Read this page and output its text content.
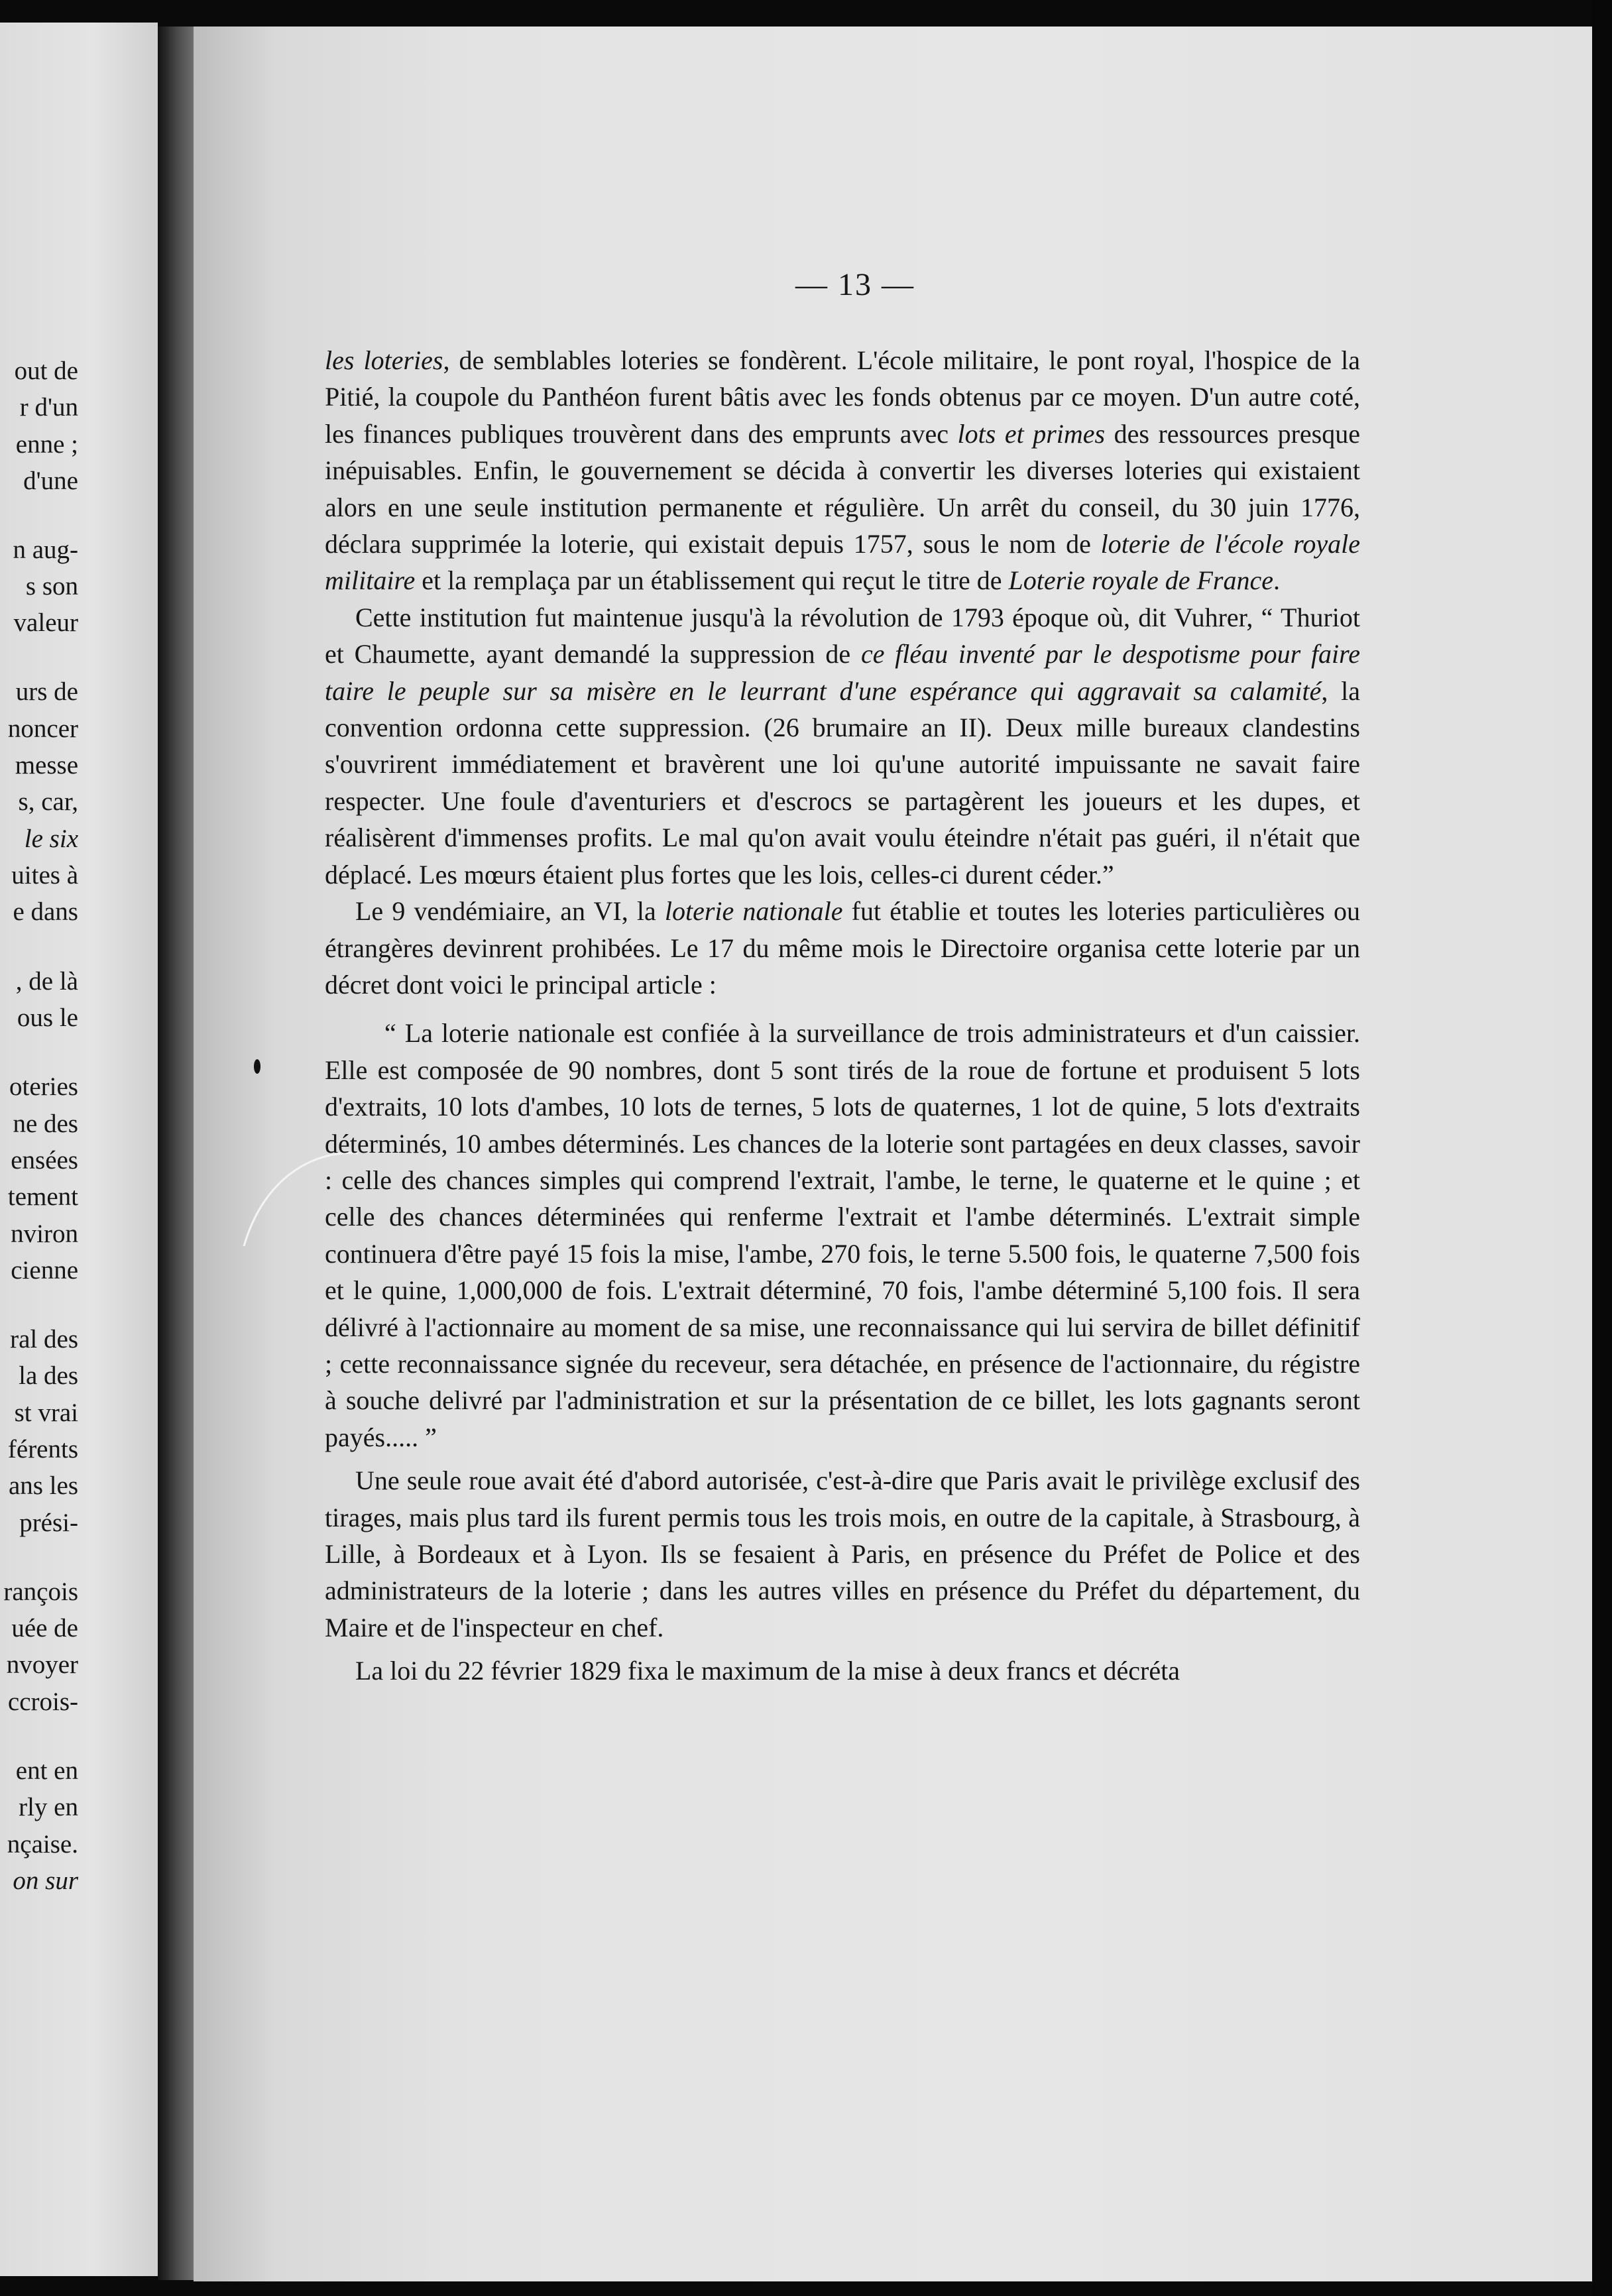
out de
r d'un
enne ;
d'une
n aug-
s son
valeur
urs de
noncer
messe
s, car,
le six
uites à
e dans
, de là
ous le
oteries
ne des
ensées
tement
nviron
cienne
ral des
la des
st vrai
férents
ans les
prési-
rançois
uée de
nvoyer
ccrois-
ent en
rly en
nçaise.
on sur
— 13 —

les loteries, de semblables loteries se fondèrent. L'école militaire, le pont royal, l'hospice de la Pitié, la coupole du Panthéon furent bâtis avec les fonds obtenus par ce moyen. D'un autre coté, les finances publiques trouvèrent dans des emprunts avec lots et primes des ressources presque inépuisables. Enfin, le gouvernement se décida à convertir les diverses loteries qui existaient alors en une seule institution permanente et régulière. Un arrêt du conseil, du 30 juin 1776, déclara supprimée la loterie, qui existait depuis 1757, sous le nom de loterie de l'école royale militaire et la remplaça par un établissement qui reçut le titre de Loterie royale de France.

Cette institution fut maintenue jusqu'à la révolution de 1793 époque où, dit Vuhrer, “ Thuriot et Chaumette, ayant demandé la suppression de ce fléau inventé par le despotisme pour faire taire le peuple sur sa misère en le leurrant d'une espérance qui aggravait sa calamité, la convention ordonna cette suppression. (26 brumaire an II). Deux mille bureaux clandestins s'ouvrirent immédiatement et bravèrent une loi qu'une autorité impuissante ne savait faire respecter. Une foule d'aventuriers et d'escrocs se partagèrent les joueurs et les dupes, et réalisèrent d'immenses profits. Le mal qu'on avait voulu éteindre n'était pas guéri, il n'était que déplacé. Les mœurs étaient plus fortes que les lois, celles-ci durent céder.”

Le 9 vendémiaire, an VI, la loterie nationale fut établie et toutes les loteries particulières ou étrangères devinrent prohibées. Le 17 du même mois le Directoire organisa cette loterie par un décret dont voici le principal article :

“ La loterie nationale est confiée à la surveillance de trois administrateurs et d'un caissier. Elle est composée de 90 nombres, dont 5 sont tirés de la roue de fortune et produisent 5 lots d'extraits, 10 lots d'ambes, 10 lots de ternes, 5 lots de quaternes, 1 lot de quine, 5 lots d'extraits déterminés, 10 ambes déterminés. Les chances de la loterie sont partagées en deux classes, savoir : celle des chances simples qui comprend l'extrait, l'ambe, le terne, le quaterne et le quine ; et celle des chances déterminées qui renferme l'extrait et l'ambe déterminés. L'extrait simple continuera d'être payé 15 fois la mise, l'ambe, 270 fois, le terne 5.500 fois, le quaterne 7,500 fois et le quine, 1,000,000 de fois. L'extrait déterminé, 70 fois, l'ambe déterminé 5,100 fois. Il sera délivré à l'actionnaire au moment de sa mise, une reconnaissance qui lui servira de billet définitif ; cette reconnaissance signée du receveur, sera détachée, en présence de l'actionnaire, du régistre à souche delivré par l'administration et sur la présentation de ce billet, les lots gagnants seront payés..... ”

Une seule roue avait été d'abord autorisée, c'est-à-dire que Paris avait le privilège exclusif des tirages, mais plus tard ils furent permis tous les trois mois, en outre de la capitale, à Strasbourg, à Lille, à Bordeaux et à Lyon. Ils se fesaient à Paris, en présence du Préfet de Police et des administrateurs de la loterie ; dans les autres villes en présence du Préfet du département, du Maire et de l'inspecteur en chef.

La loi du 22 février 1829 fixa le maximum de la mise à deux francs et décréta
